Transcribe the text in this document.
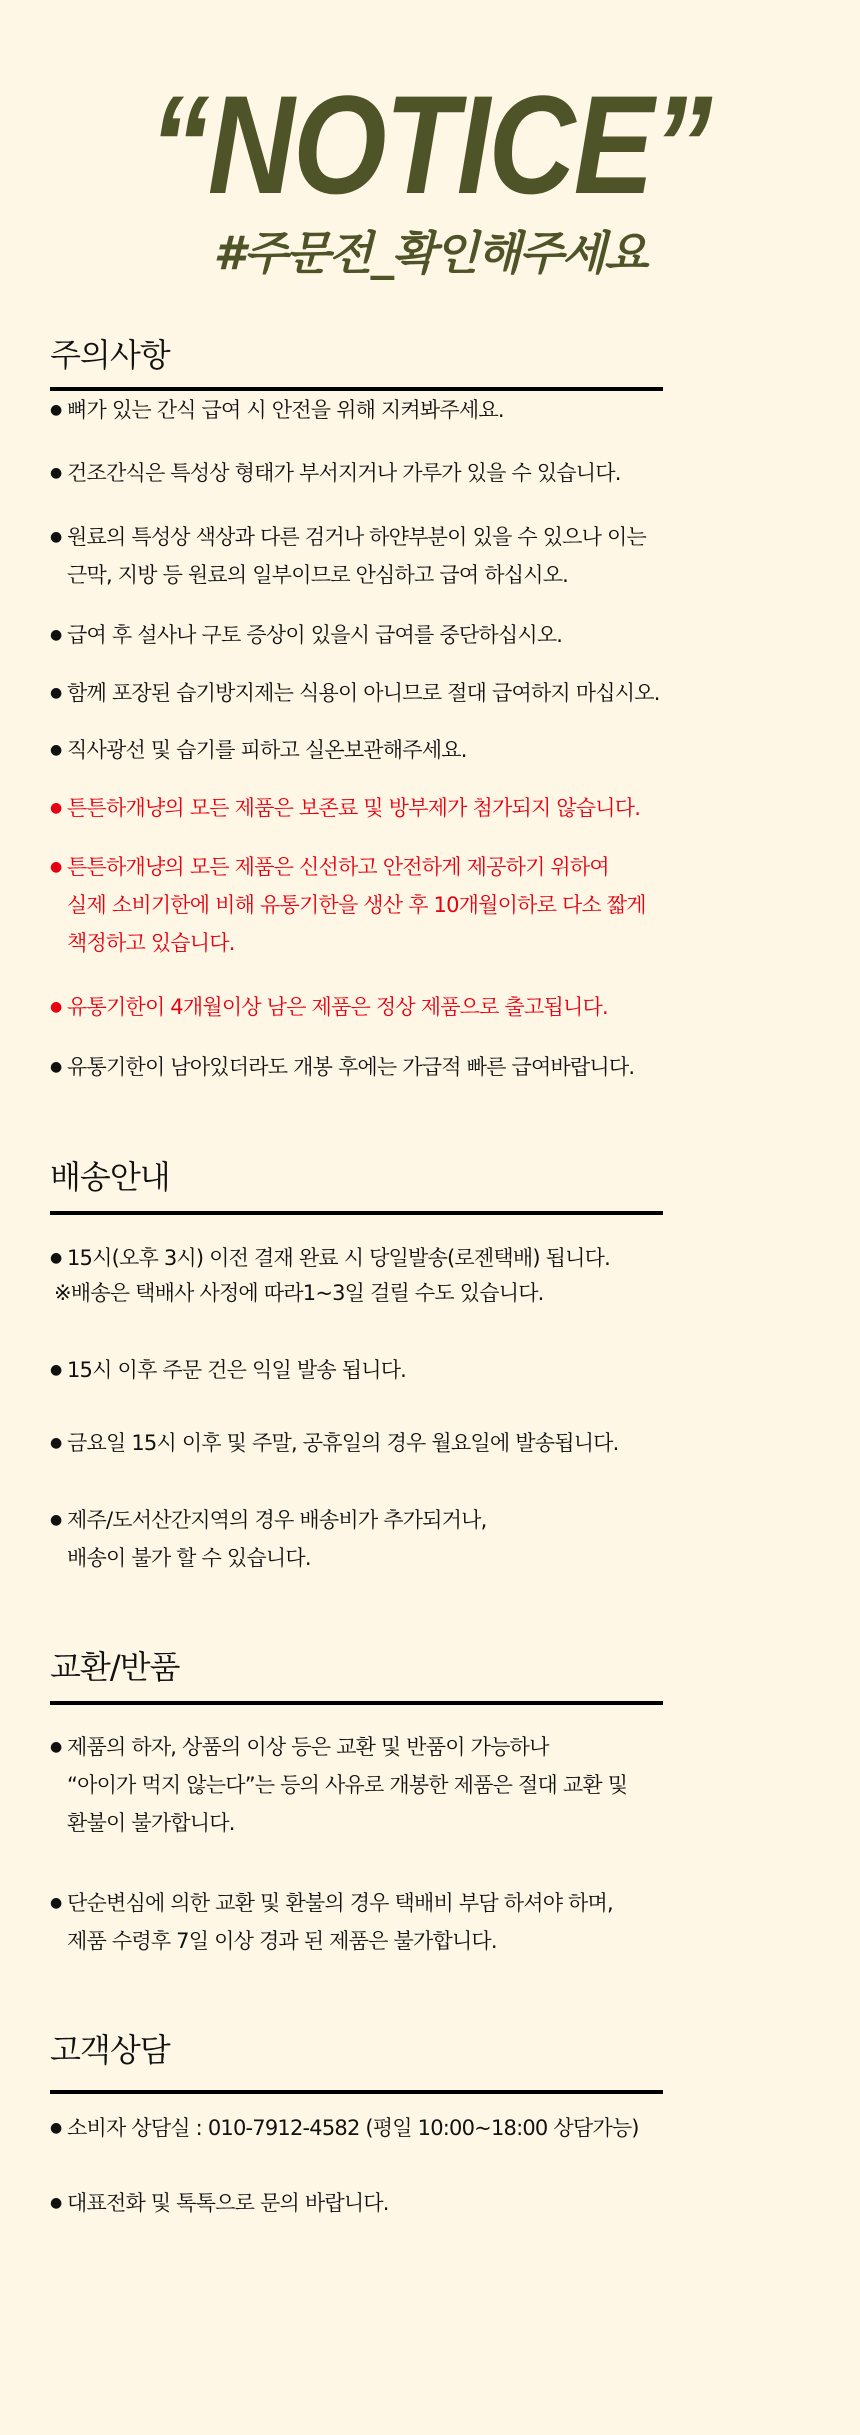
“NOTICE”
#주문전_확인해주세요
주의사항
● 뼈가 있는 간식 급여 시 안전을 위해 지켜봐주세요.
● 건조간식은 특성상 형태가 부서지거나 가루가 있을 수 있습니다.
● 원료의 특성상 색상과 다른 검거나 하얀부분이 있을 수 있으나 이는
근막, 지방 등 원료의 일부이므로 안심하고 급여 하십시오.
● 급여 후 설사나 구토 증상이 있을시 급여를 중단하십시오.
● 함께 포장된 습기방지제는 식용이 아니므로 절대 급여하지 마십시오.
● 직사광선 및 습기를 피하고 실온보관해주세요.
● 튼튼하개냥의 모든 제품은 보존료 및 방부제가 첨가되지 않습니다.
● 튼튼하개냥의 모든 제품은 신선하고 안전하게 제공하기 위하여
실제 소비기한에 비해 유통기한을 생산 후 10개월이하로 다소 짧게
책정하고 있습니다.
● 유통기한이 4개월이상 남은 제품은 정상 제품으로 출고됩니다.
● 유통기한이 남아있더라도 개봉 후에는 가급적 빠른 급여바랍니다.
배송안내
● 15시(오후 3시) 이전 결재 완료 시 당일발송(로젠택배) 됩니다.
※배송은 택배사 사정에 따라1~3일 걸릴 수도 있습니다.
● 15시 이후 주문 건은 익일 발송 됩니다.
● 금요일 15시 이후 및 주말, 공휴일의 경우 월요일에 발송됩니다.
● 제주/도서산간지역의 경우 배송비가 추가되거나,
배송이 불가 할 수 있습니다.
교환/반품
● 제품의 하자, 상품의 이상 등은 교환 및 반품이 가능하나
“아이가 먹지 않는다”는 등의 사유로 개봉한 제품은 절대 교환 및
환불이 불가합니다.
● 단순변심에 의한 교환 및 환불의 경우 택배비 부담 하셔야 하며,
제품 수령후 7일 이상 경과 된 제품은 불가합니다.
고객상담
● 소비자 상담실 : 010-7912-4582 (평일 10:00~18:00 상담가능)
● 대표전화 및 톡톡으로 문의 바랍니다.
